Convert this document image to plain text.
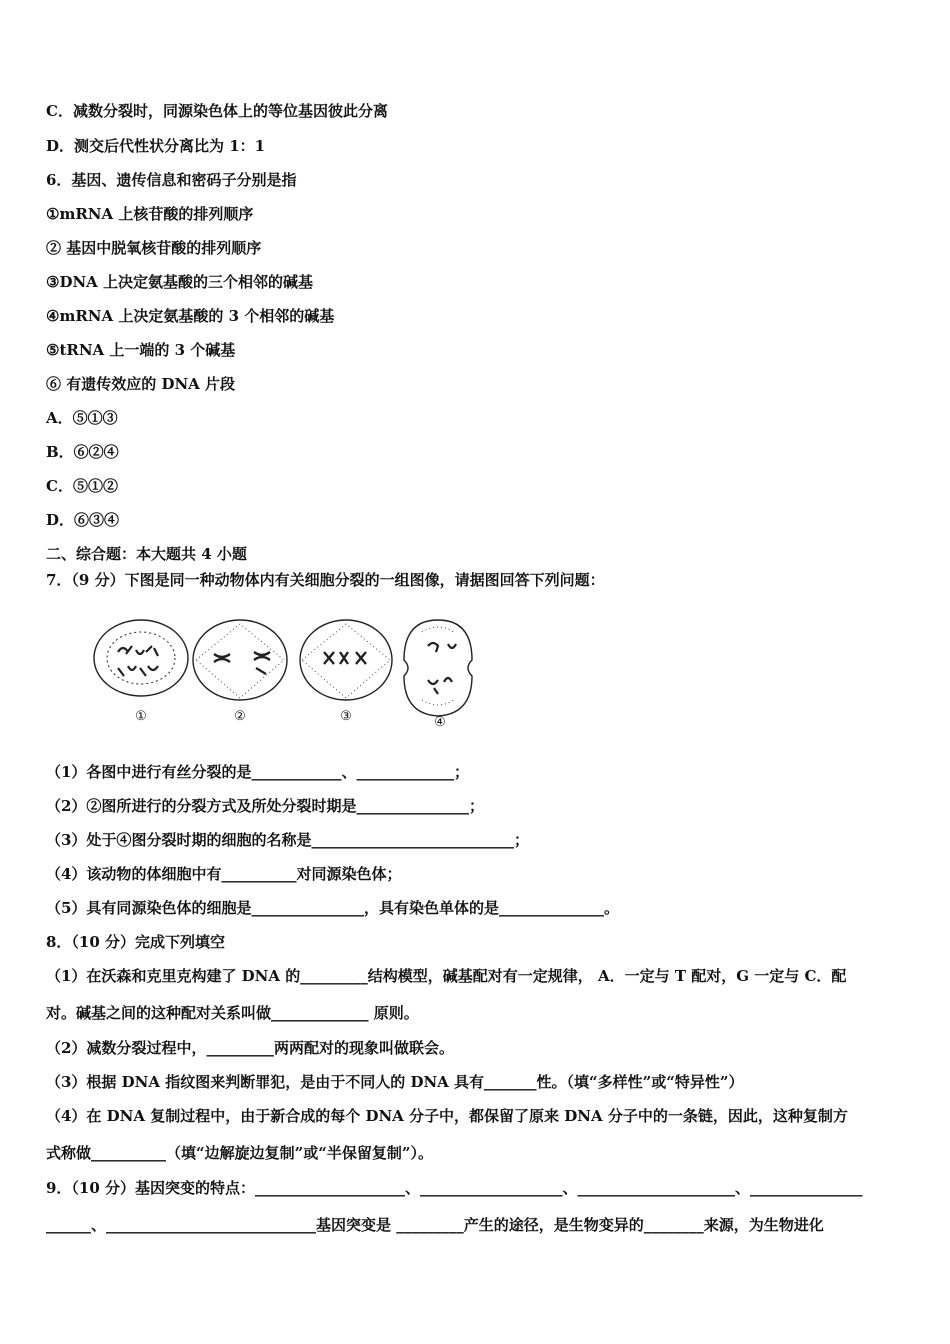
C．减数分裂时，同源染色体上的等位基因彼此分离
D．测交后代性状分离比为 1：1
6．基因、遗传信息和密码子分别是指
①mRNA 上核苷酸的排列顺序
② 基因中脱氧核苷酸的排列顺序
③DNA 上决定氨基酸的三个相邻的碱基
④mRNA 上决定氨基酸的 3 个相邻的碱基
⑤tRNA 上一端的 3 个碱基
⑥ 有遗传效应的 DNA 片段
A．⑤①③
B．⑥②④
C．⑤①②
D．⑥③④
二、综合题：本大题共 4 小题
7．（9 分）下图是同一种动物体内有关细胞分裂的一组图像，请据图回答下列问题：
①	②	③	④
（1）各图中进行有丝分裂的是____________、_____________；
（2）②图所进行的分裂方式及所处分裂时期是_______________；
（3）处于④图分裂时期的细胞的名称是___________________________；
（4）该动物的体细胞中有__________对同源染色体；
（5）具有同源染色体的细胞是_______________，具有染色单体的是______________。
8．（10 分）完成下列填空
（1）在沃森和克里克构建了 DNA 的_________结构模型，碱基配对有一定规律， A．一定与 T 配对，G 一定与 C．配
对。碱基之间的这种配对关系叫做_____________ 原则。
（2）减数分裂过程中，_________两两配对的现象叫做联会。
（3）根据 DNA 指纹图来判断罪犯，是由于不同人的 DNA 具有_______性。（填“多样性”或“特异性”）
（4）在 DNA 复制过程中，由于新合成的每个 DNA 分子中，都保留了原来 DNA 分子中的一条链，因此，这种复制方
式称做__________（填“边解旋边复制”或“半保留复制”）。
9．（10 分）基因突变的特点：____________________、___________________、_____________________、_______________
______、____________________________基因突变是 _________产生的途径，是生物变异的________来源，为生物进化
